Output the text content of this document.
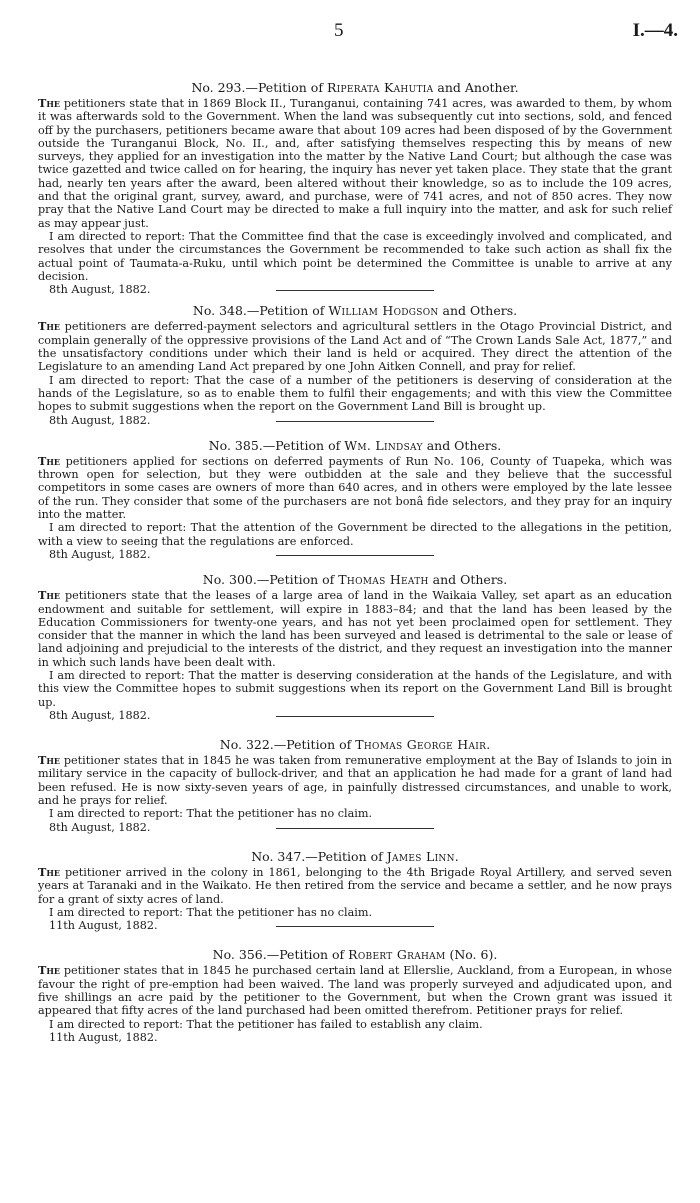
5	I.—4.
No. 293.—Petition of Riperata Kahutia and Another.

The petitioners state that in 1869 Block II., Turanganui, containing 741 acres, was awarded to them, by whom it was afterwards sold to the Government. When the land was subsequently cut into sections, sold, and fenced off by the purchasers, petitioners became aware that about 109 acres had been disposed of by the Government outside the Turanganui Block, No. II., and, after satisfying themselves respecting this by means of new surveys, they applied for an investigation into the matter by the Native Land Court; but although the case was twice gazetted and twice called on for hearing, the inquiry has never yet taken place. They state that the grant had, nearly ten years after the award, been altered without their knowledge, so as to include the 109 acres, and that the original grant, survey, award, and purchase, were of 741 acres, and not of 850 acres. They now pray that the Native Land Court may be directed to make a full inquiry into the matter, and ask for such relief as may appear just.

I am directed to report: That the Committee find that the case is exceedingly involved and complicated, and resolves that under the circumstances the Government be recommended to take such action as shall fix the actual point of Taumata-a-Ruku, until which point be determined the Committee is unable to arrive at any decision.

8th August, 1882.
No. 348.—Petition of William Hodgson and Others.

The petitioners are deferred-payment selectors and agricultural settlers in the Otago Provincial District, and complain generally of the oppressive provisions of the Land Act and of “The Crown Lands Sale Act, 1877,” and the unsatisfactory conditions under which their land is held or acquired. They direct the attention of the Legislature to an amending Land Act prepared by one John Aitken Connell, and pray for relief.

I am directed to report: That the case of a number of the petitioners is deserving of consideration at the hands of the Legislature, so as to enable them to fulfil their engagements; and with this view the Committee hopes to submit suggestions when the report on the Government Land Bill is brought up.

8th August, 1882.
No. 385.—Petition of Wm. Lindsay and Others.

The petitioners applied for sections on deferred payments of Run No. 106, County of Tuapeka, which was thrown open for selection, but they were outbidden at the sale and they believe that the successful competitors in some cases are owners of more than 640 acres, and in others were employed by the late lessee of the run. They consider that some of the purchasers are not bonâ fide selectors, and they pray for an inquiry into the matter.

I am directed to report: That the attention of the Government be directed to the allegations in the petition, with a view to seeing that the regulations are enforced.

8th August, 1882.
No. 300.—Petition of Thomas Heath and Others.

The petitioners state that the leases of a large area of land in the Waikaia Valley, set apart as an education endowment and suitable for settlement, will expire in 1883–84; and that the land has been leased by the Education Commissioners for twenty-one years, and has not yet been proclaimed open for settlement. They consider that the manner in which the land has been surveyed and leased is detrimental to the sale or lease of land adjoining and prejudicial to the interests of the district, and they request an investigation into the manner in which such lands have been dealt with.

I am directed to report: That the matter is deserving consideration at the hands of the Legislature, and with this view the Committee hopes to submit suggestions when its report on the Government Land Bill is brought up.

8th August, 1882.
No. 322.—Petition of Thomas George Hair.

The petitioner states that in 1845 he was taken from remunerative employment at the Bay of Islands to join in military service in the capacity of bullock-driver, and that an application he had made for a grant of land had been refused. He is now sixty-seven years of age, in painfully distressed circumstances, and unable to work, and he prays for relief.

I am directed to report: That the petitioner has no claim.

8th August, 1882.
No. 347.—Petition of James Linn.

The petitioner arrived in the colony in 1861, belonging to the 4th Brigade Royal Artillery, and served seven years at Taranaki and in the Waikato. He then retired from the service and became a settler, and he now prays for a grant of sixty acres of land.

I am directed to report: That the petitioner has no claim.

11th August, 1882.
No. 356.—Petition of Robert Graham (No. 6).

The petitioner states that in 1845 he purchased certain land at Ellerslie, Auckland, from a European, in whose favour the right of pre-emption had been waived. The land was properly surveyed and adjudicated upon, and five shillings an acre paid by the petitioner to the Government, but when the Crown grant was issued it appeared that fifty acres of the land purchased had been omitted therefrom. Petitioner prays for relief.

I am directed to report: That the petitioner has failed to establish any claim.

11th August, 1882.
